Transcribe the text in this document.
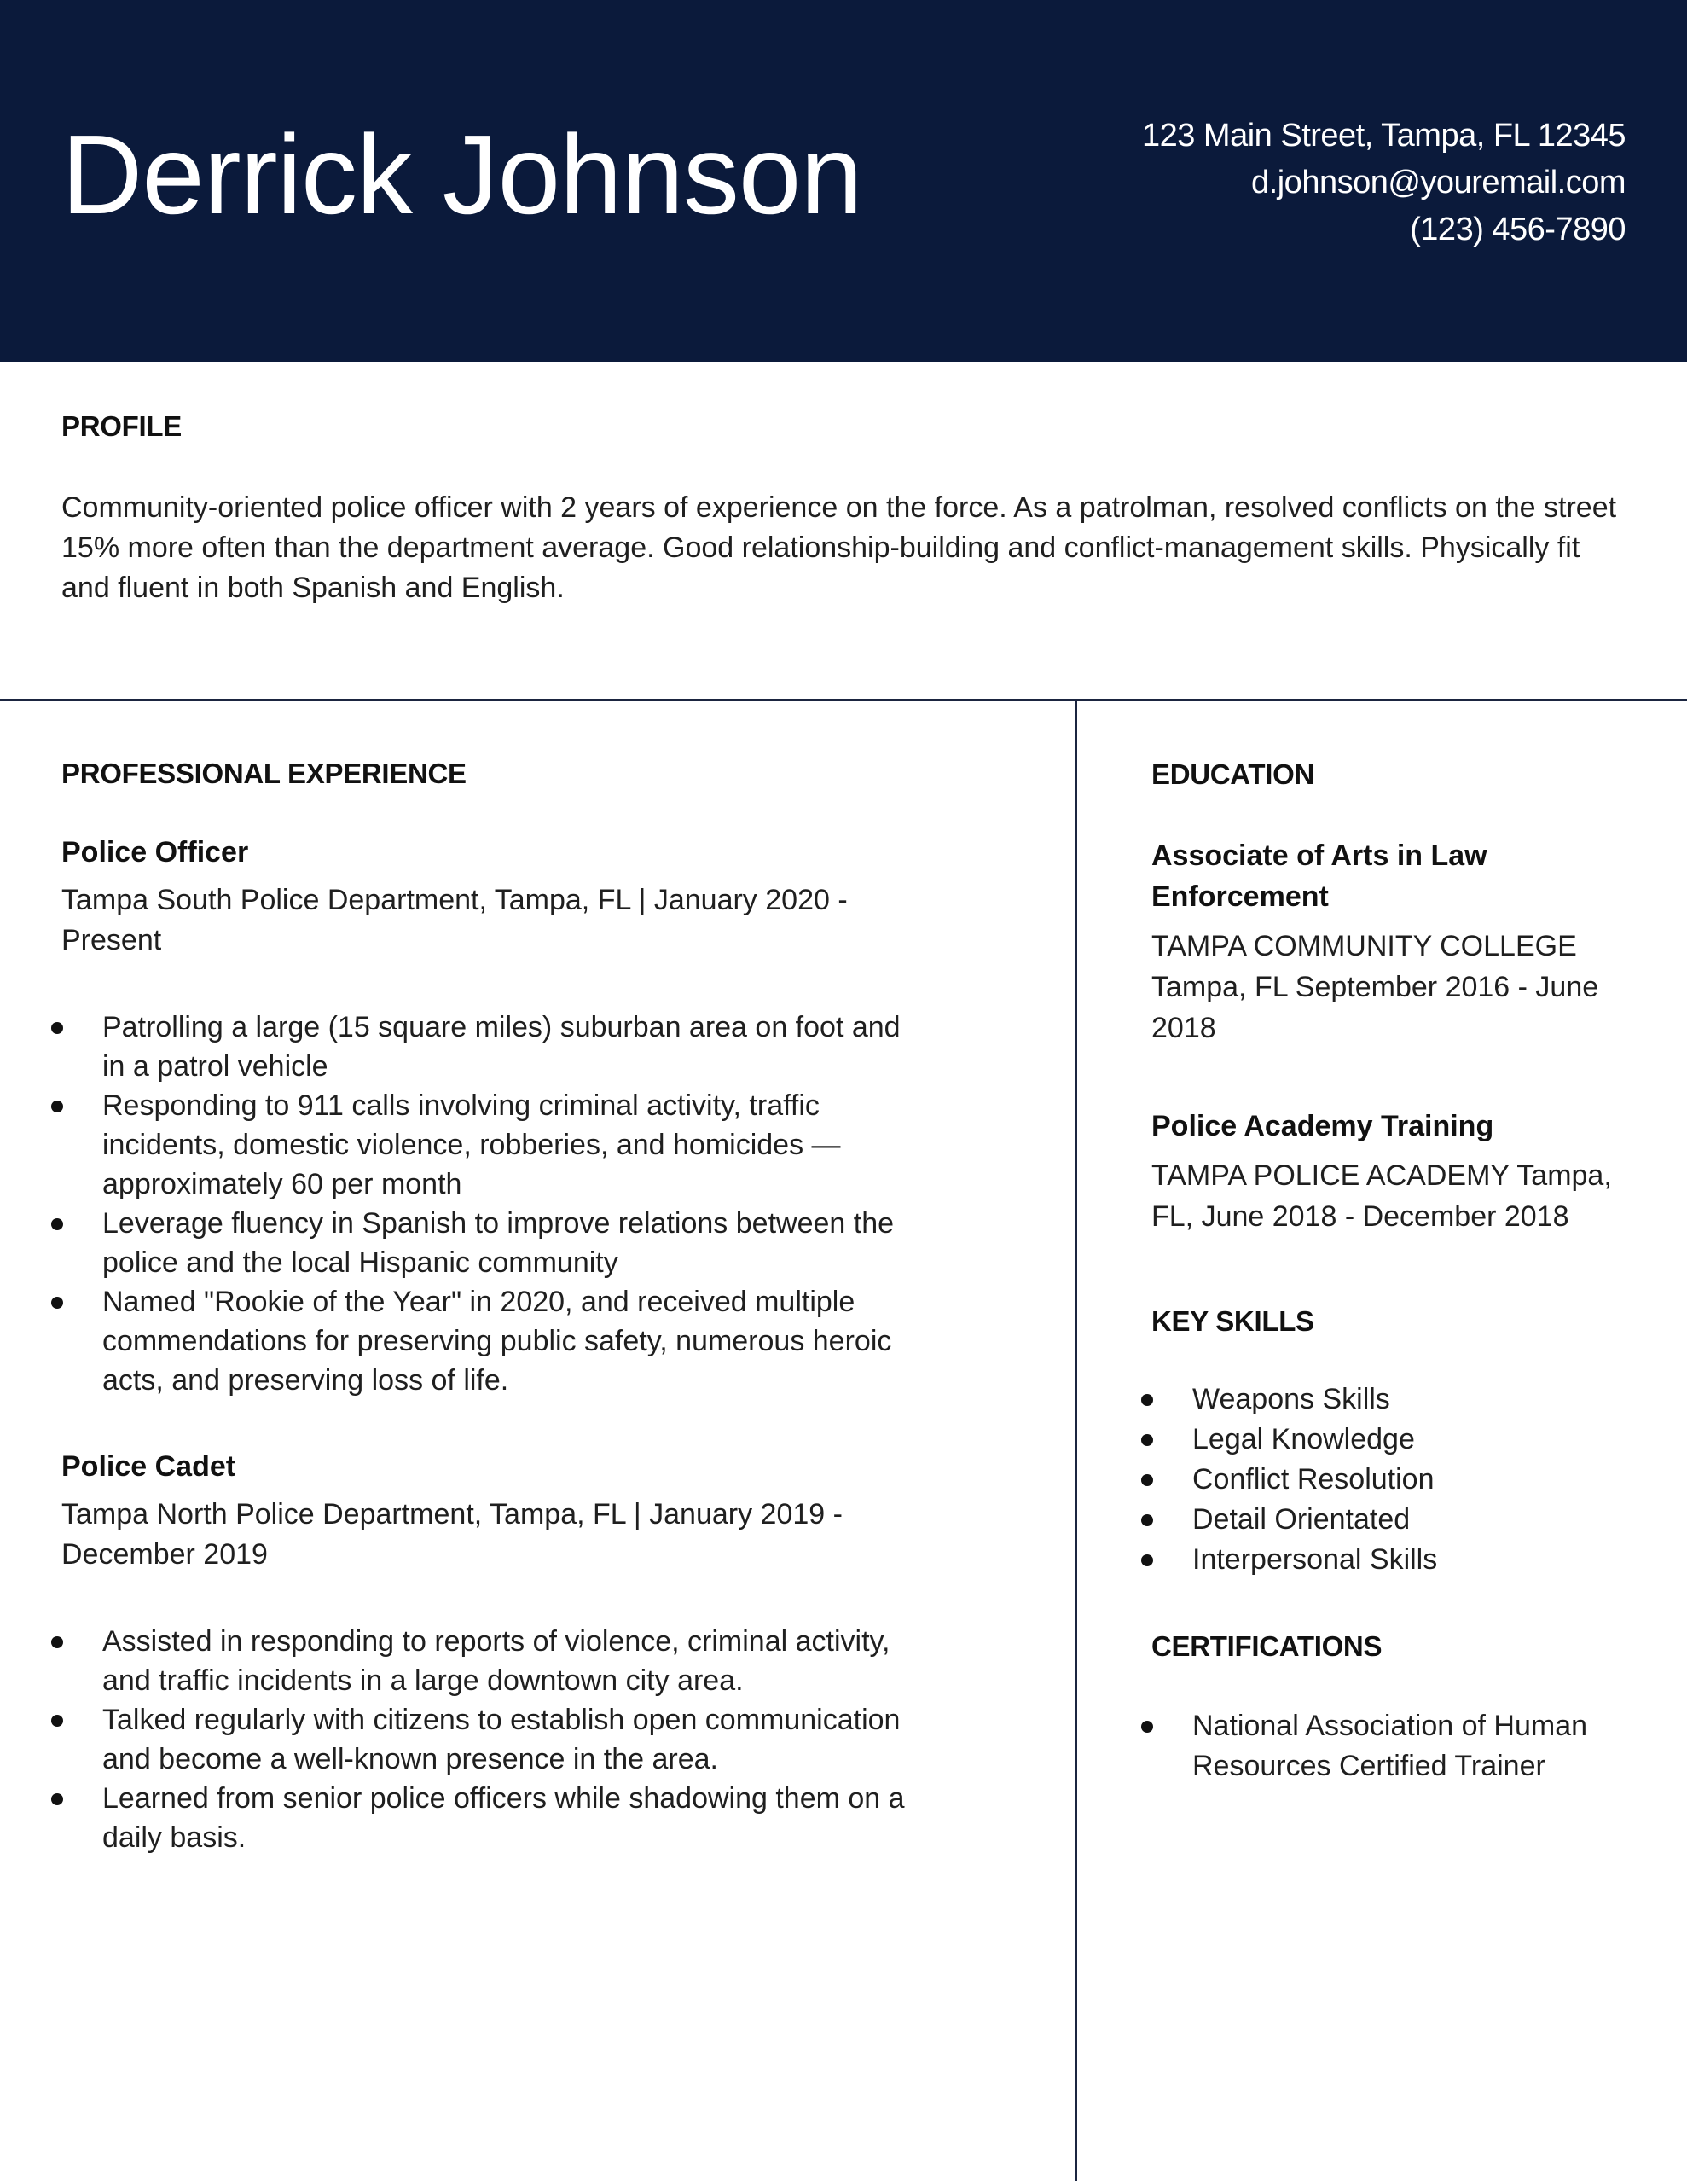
Derrick Johnson	123 Main Street, Tampa, FL 12345
d.johnson@youremail.com
(123) 456-7890
PROFILE

Community-oriented police officer with 2 years of experience on the force. As a patrolman, resolved conflicts on the street 15% more often than the department average. Good relationship-building and conflict-management skills. Physically fit and fluent in both Spanish and English.

PROFESSIONAL EXPERIENCE
Police Officer
Tampa South Police Department, Tampa, FL | January 2020 - Present
Patrolling a large (15 square miles) suburban area on foot and in a patrol vehicle
Responding to 911 calls involving criminal activity, traffic incidents, domestic violence, robberies, and homicides —approximately 60 per month
Leverage fluency in Spanish to improve relations between the police and the local Hispanic community
Named "Rookie of the Year" in 2020, and received multiple commendations for preserving public safety, numerous heroic acts, and preserving loss of life.
Police Cadet
Tampa North Police Department, Tampa, FL | January 2019 - December 2019
Assisted in responding to reports of violence, criminal activity, and traffic incidents in a large downtown city area.
Talked regularly with citizens to establish open communication and become a well-known presence in the area.
Learned from senior police officers while shadowing them on a daily basis.
EDUCATION
Associate of Arts in Law Enforcement
TAMPA COMMUNITY COLLEGE Tampa, FL September 2016 - June 2018
Police Academy Training
TAMPA POLICE ACADEMY Tampa, FL, June 2018 - December 2018
KEY SKILLS
Weapons Skills
Legal Knowledge
Conflict Resolution
Detail Orientated
Interpersonal Skills
CERTIFICATIONS
National Association of Human Resources Certified Trainer
